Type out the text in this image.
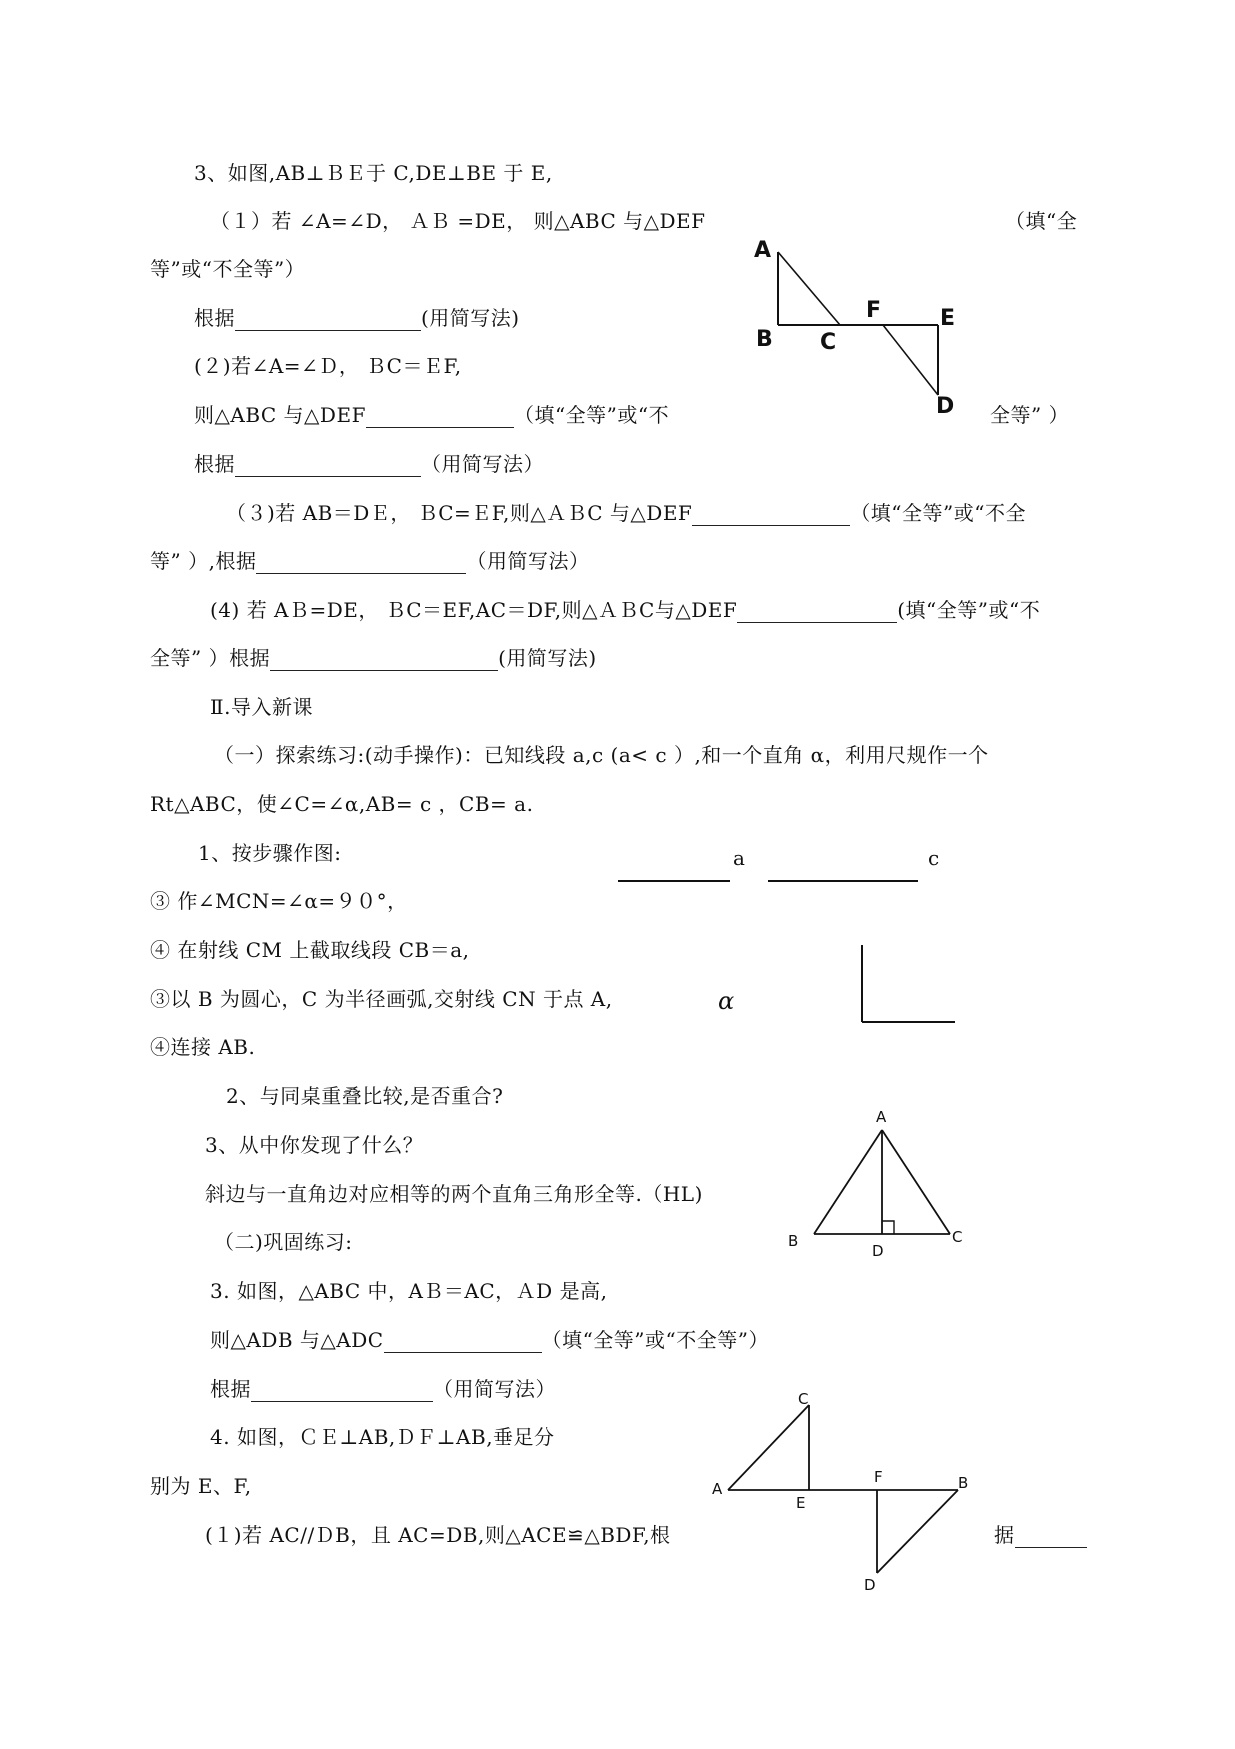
3、如图,AB⊥ＢＥ于 C,DE⊥BE 于 E,
（１）若 ∠A=∠D， ＡＢ =DE， 则△ABC 与△DEF	（填“全
等”或“不全等”）
根据	(用简写法)
(２)若∠A=∠Ｄ， ＢC＝ＥF,
则△ABC 与△DEF	（填“全等”或“不	全等” ）
根据	（用简写法）
（３)若 AB＝DＥ， ＢC=ＥF,则△ＡＢC 与△DEF	（填“全等”或“不全
等” ）,根据	（用简写法）
(4) 若 AＢ=DE， ＢC＝EF,AC＝DF,则△ＡＢC与△DEF	(填“全等”或“不
全等” ）根据	(用简写法)
A
B C
F	E
D
Ⅱ.导入新课
（一）探索练习:(动手操作)：已知线段 a,c (a< c ）,和一个直角 α，利用尺规作一个
Rt△ABC，使∠C=∠α,AB= c ，CB= a.
1、按步骤作图:	a	c
③ 作∠MCN=∠α=９０°，
④ 在射线 CM 上截取线段 CB＝a,
③以 B 为圆心，C 为半径画弧,交射线 CN 于点 A,	α
④连接 AB.
2、与同桌重叠比较,是否重合?
3、从中你发现了什么？
斜边与一直角边对应相等的两个直角三角形全等.（HL)
（二)巩固练习:
A
B
D
C
3. 如图，△ABC 中，AＢ＝AC，ＡD 是高,
则△ADB 与△ADC	（填“全等”或“不全等”）
根据	（用简写法）
4. 如图，ＣＥ⊥AB,ＤＦ⊥AB,垂足分
别为 E、F,
(１)若 AC//ＤB，且 AC=DB,则△ACE≌△BDF,根	据
A
C
E
F	B
D
